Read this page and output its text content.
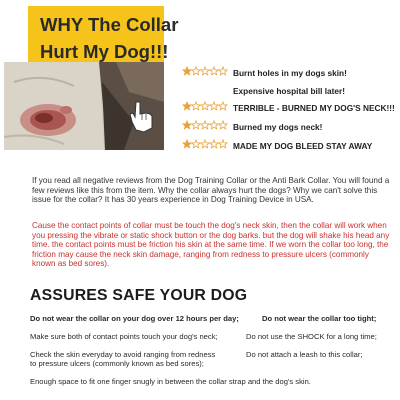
WHY The Collar
Hurt My Dog!!!
Burnt holes in my dogs skin!
Expensive hospital bill later!
TERRIBLE - BURNED MY DOG'S NECK!!!
Burned my dogs neck!
MADE MY DOG BLEED STAY AWAY
If you read all negative reviews from the Dog Training Collar or the Anti Bark Collar. You will found a few reviews like this from the item. Why the collar always hurt the dogs? Why we can't solve this issue for the collar? It has 30 years experience in Dog Training Device in USA.
Cause the contact points of collar must be touch the dog's neck skin, then the collar will work when you pressing the vibrate or static shock button or the dog barks. but the dog will shake his head any time. the contact points must be friction his skin at the same time. If we worn the collar too long, the friction may cause the neck skin damage, ranging from redness to pressure ulcers (commonly known as bed sores).
ASSURES SAFE YOUR DOG
Do not wear the collar on your dog over 12 hours per day;	Do not wear the collar too tight;
Make sure both of contact points touch your dog's neck;	Do not use the SHOCK for a long time;
Check the skin everyday to avoid ranging from redness
to pressure ulcers (commonly known as bed sores);
Do not attach a leash to this collar;
Enough space to fit one finger snugly in between the collar strap and the dog's skin.
